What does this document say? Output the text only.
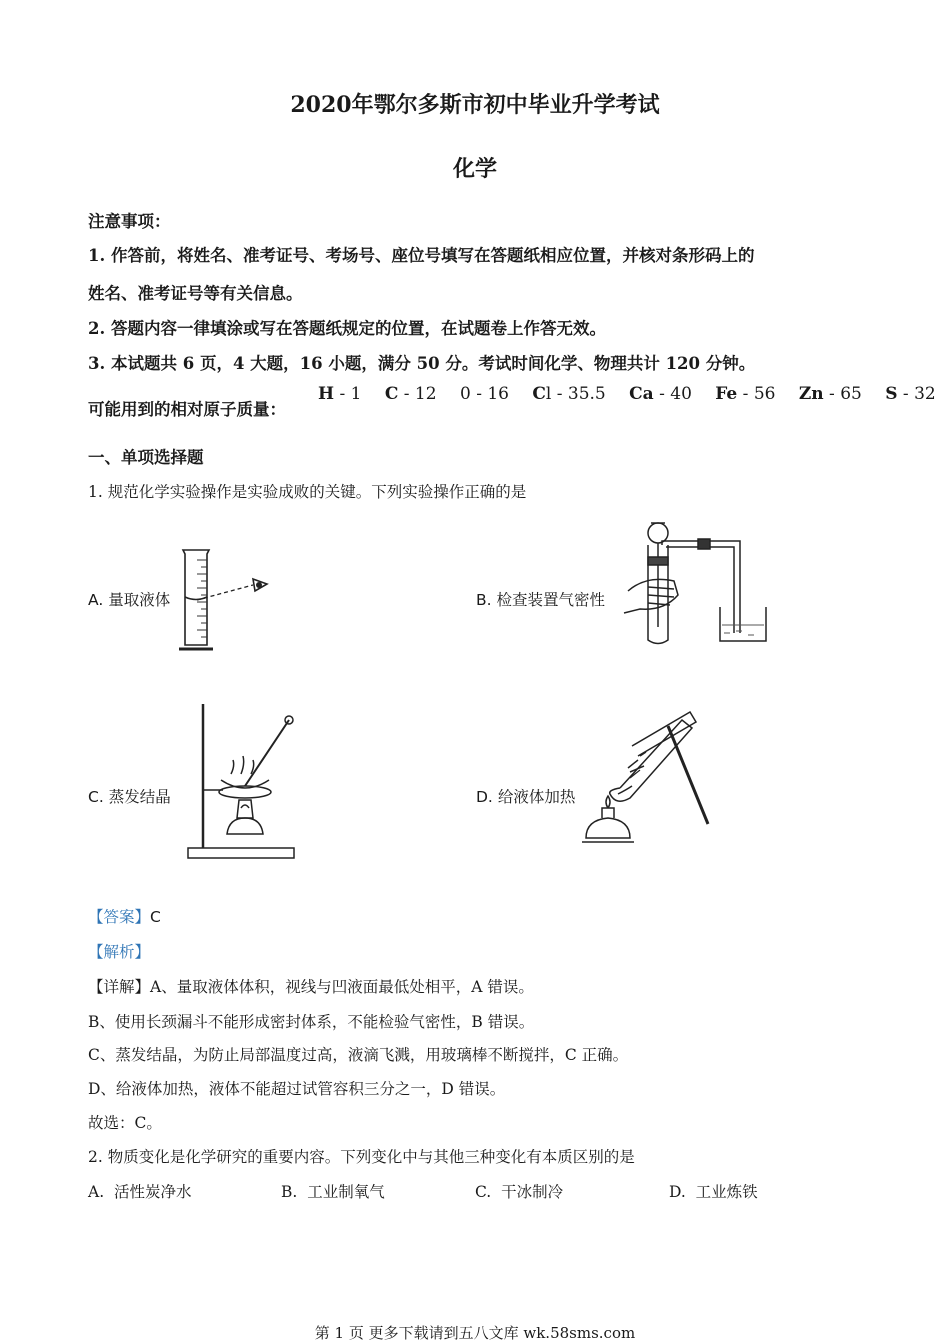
2020年鄂尔多斯市初中毕业升学考试
化学
注意事项：
1. 作答前，将姓名、准考证号、考场号、座位号填写在答题纸相应位置，并核对条形码上的
姓名、准考证号等有关信息。
2. 答题内容一律填涂或写在答题纸规定的位置，在试题卷上作答无效。
3. 本试题共 6 页，4 大题，16 小题，满分 50 分。考试时间化学、物理共计 120 分钟。
可能用到的相对原子质量：
H - 1 C - 12 0 - 16 Cl - 35.5 Ca - 40 Fe - 56 Zn - 65 S - 32
一、单项选择题
1. 规范化学实验操作是实验成败的关键。下列实验操作正确的是
A. 量取液体	B. 检查装置气密性
C. 蒸发结晶	D. 给液体加热
【答案】C
【解析】
【详解】A、量取液体体积，视线与凹液面最低处相平，A 错误。
B、使用长颈漏斗不能形成密封体系，不能检验气密性，B 错误。
C、蒸发结晶，为防止局部温度过高，液滴飞溅，用玻璃棒不断搅拌，C 正确。
D、给液体加热，液体不能超过试管容积三分之一，D 错误。
故选：C。
2. 物质变化是化学研究的重要内容。下列变化中与其他三种变化有本质区别的是
A. 活性炭净水	B. 工业制氧气	C. 干冰制冷	D. 工业炼铁
第 1 页 更多下载请到五八文库 wk.58sms.com
